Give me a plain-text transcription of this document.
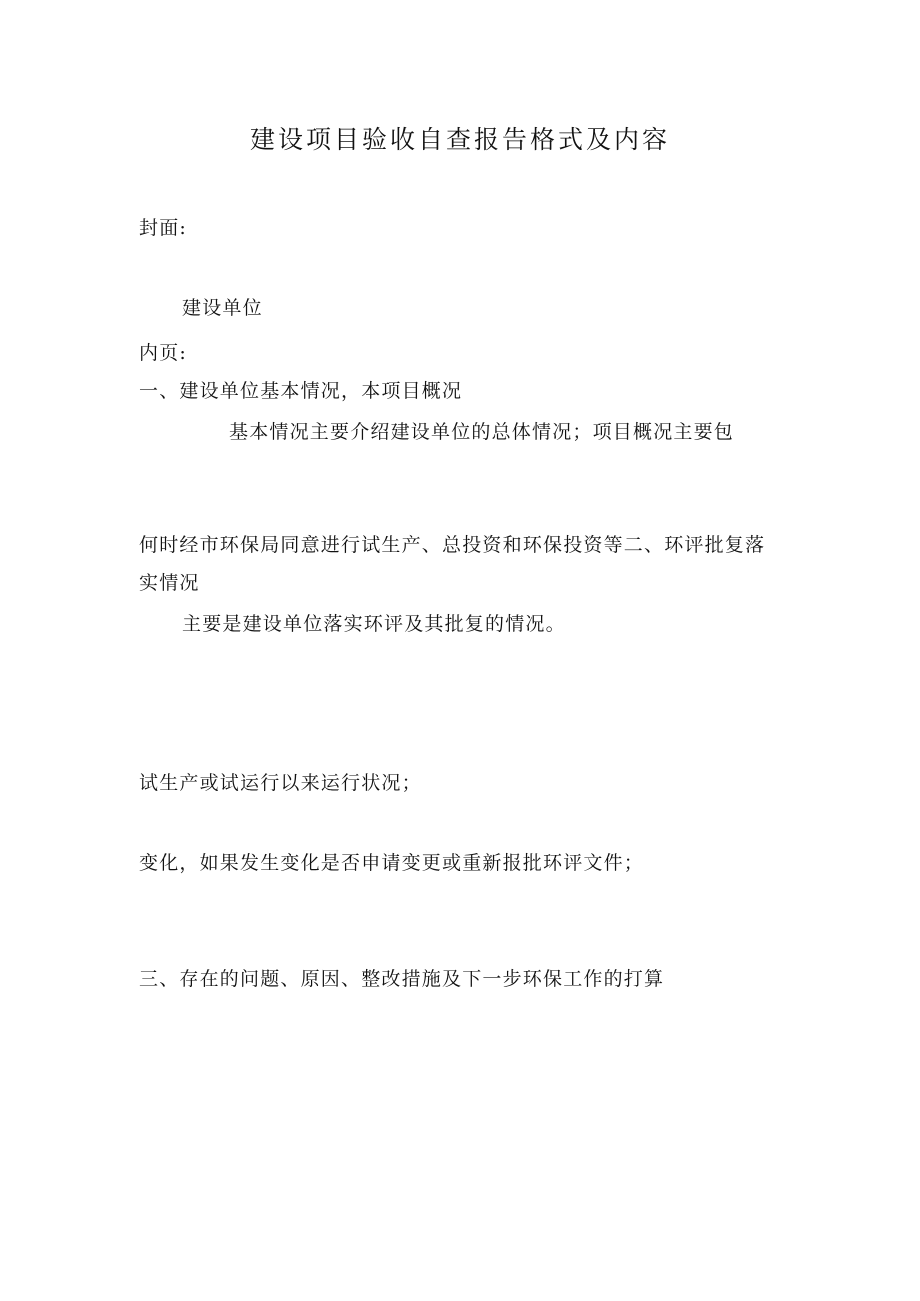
建设项目验收自查报告格式及内容
封面:
建设单位
内页:
一、建设单位基本情况，本项目概况
基本情况主要介绍建设单位的总体情况；项目概况主要包
何时经市环保局同意进行试生产、总投资和环保投资等二、环评批复落
实情况
主要是建设单位落实环评及其批复的情况。
试生产或试运行以来运行状况；
变化，如果发生变化是否申请变更或重新报批环评文件；
三、存在的问题、原因、整改措施及下一步环保工作的打算
